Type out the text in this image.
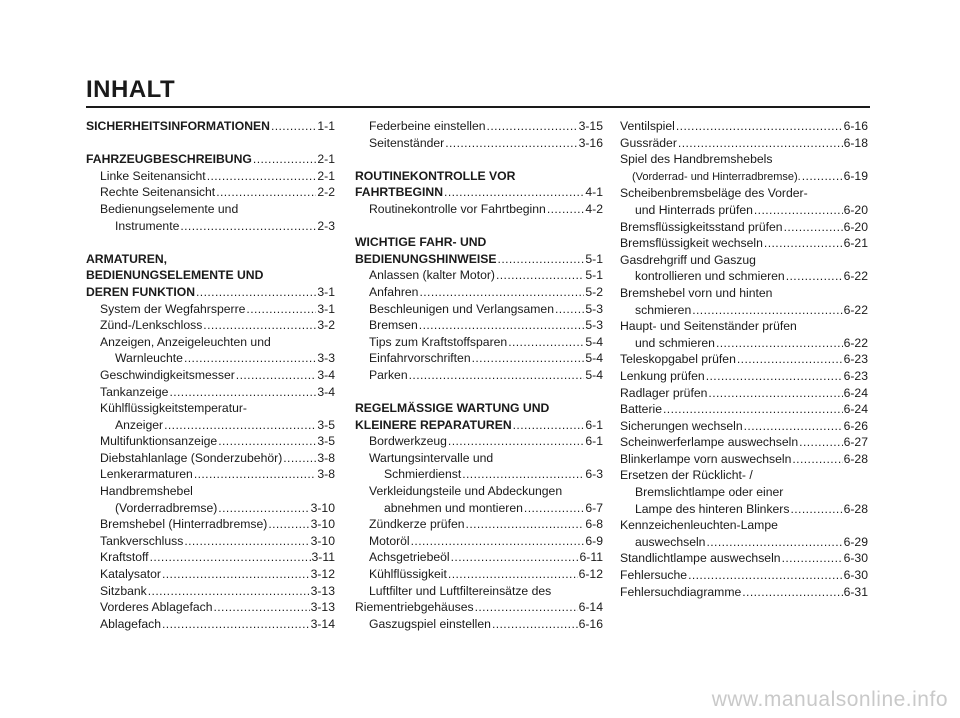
INHALT
SICHERHEITSINFORMATIONEN .....	1-1
FAHRZEUGBESCHREIBUNG .....	2-1
Linke Seitenansicht .....	2-1
Rechte Seitenansicht .....	2-2
Bedienungselemente und
Instrumente .....	2-3
ARMATUREN,
BEDIENUNGSELEMENTE UND
DEREN FUNKTION .....	3-1
System der Wegfahrsperre .....	3-1
Zünd-/Lenkschloss .....	3-2
Anzeigen, Anzeigeleuchten und
Warnleuchte .....	3-3
Geschwindigkeitsmesser .....	3-4
Tankanzeige .....	3-4
Kühlflüssigkeitstemperatur-
Anzeiger .....	3-5
Multifunktionsanzeige .....	3-5
Diebstahlanlage (Sonderzubehör) .....	3-8
Lenkerarmaturen .....	3-8
Handbremshebel
(Vorderradbremse) .....	3-10
Bremshebel (Hinterradbremse) .....	3-10
Tankverschluss .....	3-10
Kraftstoff .....	3-11
Katalysator .....	3-12
Sitzbank .....	3-13
Vorderes Ablagefach .....	3-13
Ablagefach .....	3-14
Federbeine einstellen .....	3-15
Seitenständer .....	3-16
ROUTINEKONTROLLE VOR
FAHRTBEGINN .....	4-1
Routinekontrolle vor Fahrtbeginn .....	4-2
WICHTIGE FAHR- UND
BEDIENUNGSHINWEISE .....	5-1
Anlassen (kalter Motor) .....	5-1
Anfahren .....	5-2
Beschleunigen und Verlangsamen .....	5-3
Bremsen .....	5-3
Tips zum Kraftstoffsparen .....	5-4
Einfahrvorschriften .....	5-4
Parken .....	5-4
REGELMÄSSIGE WARTUNG UND
KLEINERE REPARATUREN .....	6-1
Bordwerkzeug .....	6-1
Wartungsintervalle und
Schmierdienst .....	6-3
Verkleidungsteile und Abdeckungen
abnehmen und montieren .....	6-7
Zündkerze prüfen .....	6-8
Motoröl .....	6-9
Achsgetriebeöl .....	6-11
Kühlflüssigkeit .....	6-12
Luftfilter und Luftfiltereinsätze des
Riementriebgehäuses .....	6-14
Gaszugspiel einstellen .....	6-16
Ventilspiel .....	6-16
Gussräder .....	6-18
Spiel des Handbremshebels
(Vorderrad- und Hinterradbremse). .....	6-19
Scheibenbremsbeläge des Vorder-
und Hinterrads prüfen .....	6-20
Bremsflüssigkeitsstand prüfen .....	6-20
Bremsflüssigkeit wechseln .....	6-21
Gasdrehgriff und Gaszug
kontrollieren und schmieren .....	6-22
Bremshebel vorn und hinten
schmieren .....	6-22
Haupt- und Seitenständer prüfen
und schmieren .....	6-22
Teleskopgabel prüfen .....	6-23
Lenkung prüfen .....	6-23
Radlager prüfen .....	6-24
Batterie .....	6-24
Sicherungen wechseln .....	6-26
Scheinwerferlampe auswechseln .....	6-27
Blinkerlampe vorn auswechseln .....	6-28
Ersetzen der Rücklicht- /
Bremslichtlampe oder einer
Lampe des hinteren Blinkers .....	6-28
Kennzeichenleuchten-Lampe
auswechseln .....	6-29
Standlichtlampe auswechseln .....	6-30
Fehlersuche .....	6-30
Fehlersuchdiagramme .....	6-31
www.manualsonline.info
